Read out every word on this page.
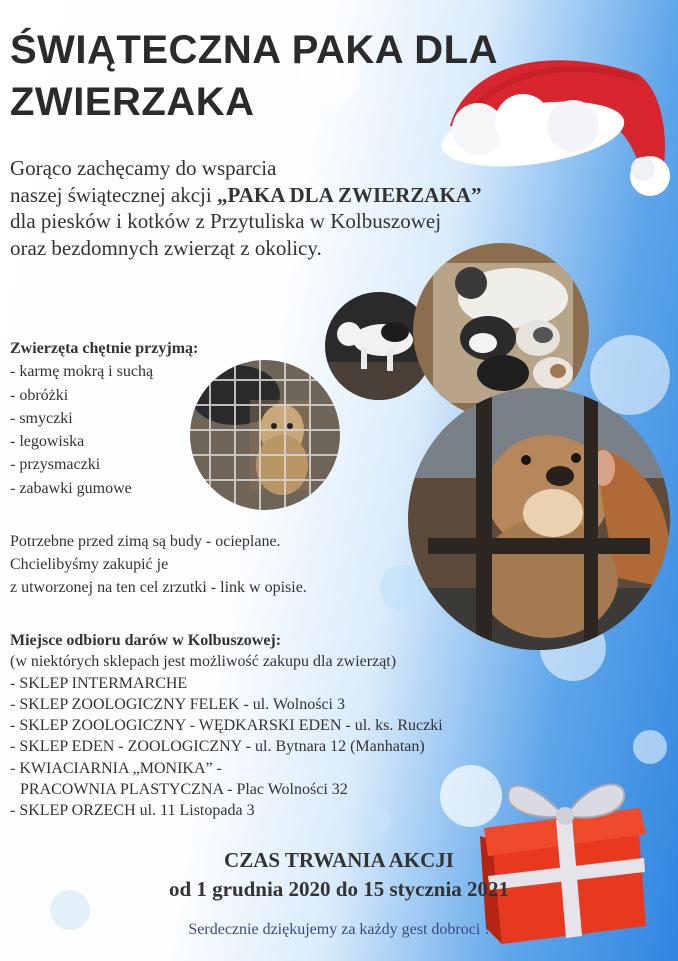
ŚWIĄTECZNA PAKA DLA
ZWIERZAKA
Gorąco zachęcamy do wsparcia
naszej świątecznej akcji „PAKA DLA ZWIERZAKA”
dla piesków i kotków z Przytuliska w Kolbuszowej
oraz bezdomnych zwierząt z okolicy.
Zwierzęta chętnie przyjmą:
- karmę mokrą i suchą
- obróżki
- smyczki
- legowiska
- przysmaczki
- zabawki gumowe
Potrzebne przed zimą są budy - ocieplane.
Chcielibyśmy zakupić je
z utworzonej na ten cel zrzutki - link w opisie.
Miejsce odbioru darów w Kolbuszowej:
(w niektórych sklepach jest możliwość zakupu dla zwierząt)
- SKLEP INTERMARCHE
- SKLEP ZOOLOGICZNY FELEK - ul. Wolności 3
- SKLEP ZOOLOGICZNY - WĘDKARSKI EDEN - ul. ks. Ruczki
- SKLEP EDEN - ZOOLOGICZNY - ul. Bytnara 12 (Manhatan)
- KWIACIARNIA „MONIKA” -
PRACOWNIA PLASTYCZNA - Plac Wolności 32
- SKLEP ORZECH ul. 11 Listopada 3
CZAS TRWANIA AKCJI
od 1 grudnia 2020 do 15 stycznia 2021
Serdecznie dziękujemy za każdy gest dobroci !
